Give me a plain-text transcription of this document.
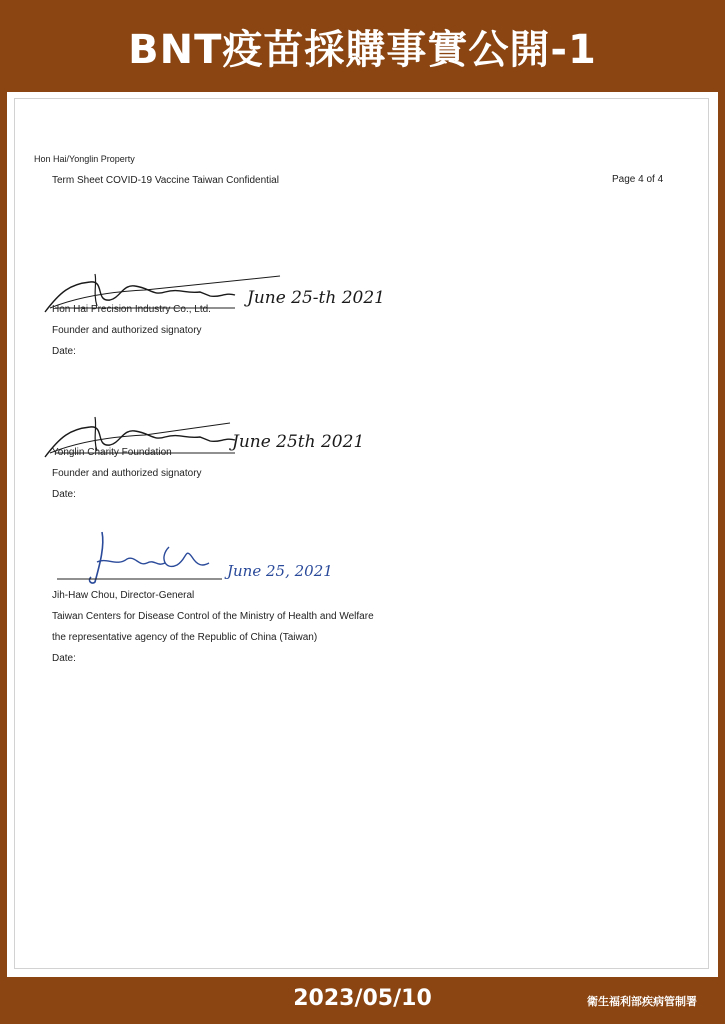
BNT疫苗採購事實公開-1
Hon Hai/Yonglin Property
Term Sheet COVID-19 Vaccine Taiwan Confidential	Page 4 of 4
June 25-th 2021
Hon Hai Precision Industry Co., Ltd.
Founder and authorized signatory
Date:
June 25th 2021
Yonglin Charity Foundation
Founder and authorized signatory
Date:
June 25, 2021
Jih-Haw Chou, Director-General
Taiwan Centers for Disease Control of the Ministry of Health and Welfare
the representative agency of the Republic of China (Taiwan)
Date:
2023/05/10	衛生福利部疾病管制署
